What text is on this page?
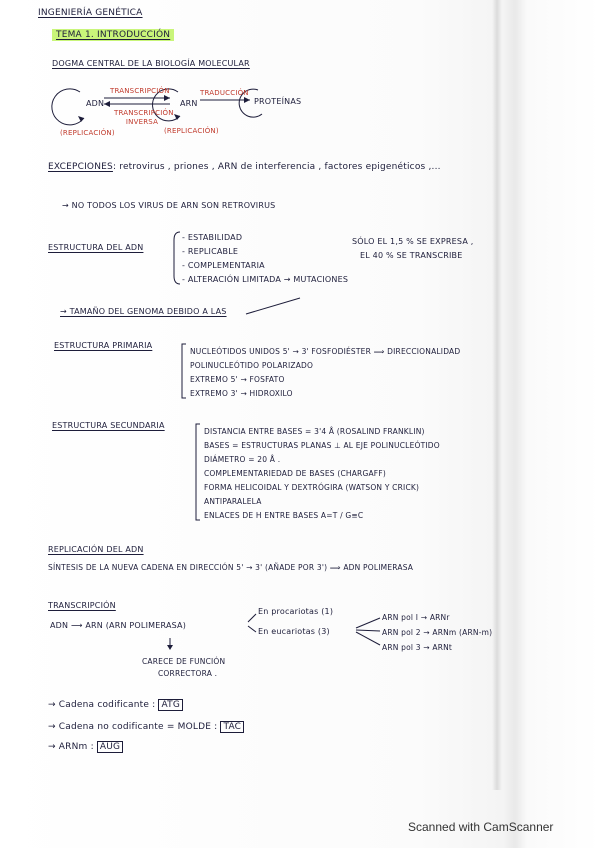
INGENIERÍA GENÉTICA
TEMA 1. INTRODUCCIÓN
DOGMA CENTRAL DE LA BIOLOGÍA MOLECULAR
ADN
TRANSCRIPCIÓN
ARN
TRADUCCIÓN
PROTEÍNAS
TRANSCRIPCIÓN INVERSA
(REPLICACIÓN)	(REPLICACIÓN)
EXCEPCIONES: retrovirus , priones , ARN de interferencia , factores epigenéticos ,...
→ NO TODOS LOS VIRUS DE ARN SON RETROVIRUS
ESTRUCTURA DEL ADN
- ESTABILIDAD
- REPLICABLE
- COMPLEMENTARIA
- ALTERACIÓN LIMITADA → MUTACIONES
SÓLO EL 1,5 % SE EXPRESA ,
EL 40 % SE TRANSCRIBE
→ TAMAÑO DEL GENOMA DEBIDO A LAS
ESTRUCTURA PRIMARIA
NUCLEÓTIDOS UNIDOS 5' → 3' FOSFODIÉSTER ⟹ DIRECCIONALIDAD
POLINUCLEÓTIDO POLARIZADO
EXTREMO 5' → FOSFATO
EXTREMO 3' → HIDROXILO
ESTRUCTURA SECUNDARIA
DISTANCIA ENTRE BASES = 3'4 Å (ROSALIND FRANKLIN)
BASES = ESTRUCTURAS PLANAS ⊥ AL EJE POLINUCLEÓTIDO
DIÁMETRO = 20 Å .
COMPLEMENTARIEDAD DE BASES (CHARGAFF)
FORMA HELICOIDAL Y DEXTRÓGIRA (WATSON Y CRICK)
ANTIPARALELA
ENLACES DE H ENTRE BASES A=T / G≡C
REPLICACIÓN DEL ADN
SÍNTESIS DE LA NUEVA CADENA EN DIRECCIÓN 5' → 3' (AÑADE POR 3') ⟹ ADN POLIMERASA
TRANSCRIPCIÓN
ADN ⟶ ARN (ARN POLIMERASA)
En procariotas (1)
En eucariotas (3)
ARN pol I → ARNr
ARN pol 2 → ARNm (ARN-m)
ARN pol 3 → ARNt
CARECE DE FUNCIÓN
CORRECTORA .
→ Cadena codificante : ATG
→ Cadena no codificante = MOLDE : TAC
→ ARNm : AUG
Scanned with CamScanner
